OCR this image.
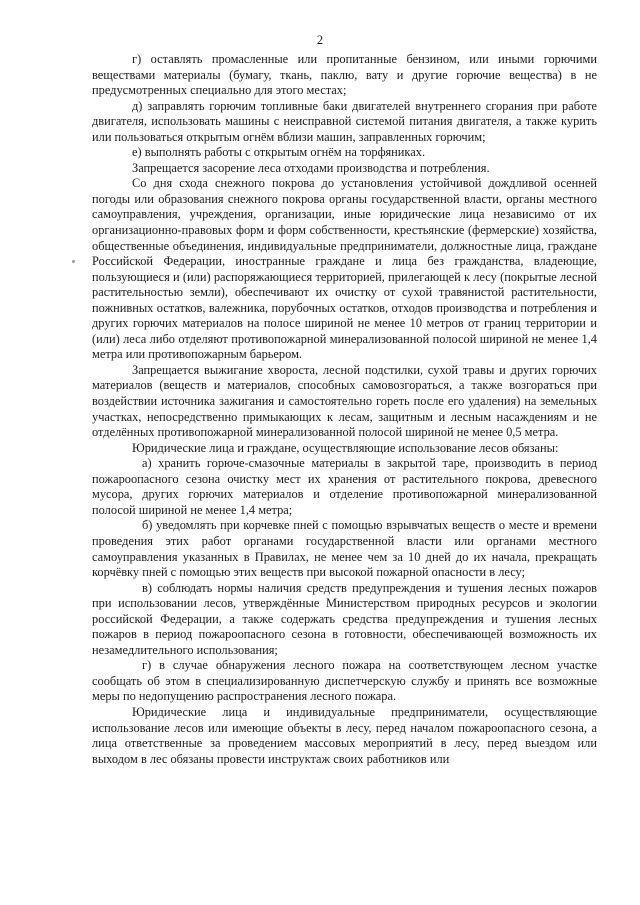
2

г) оставлять промасленные или пропитанные бензином, или иными горючими веществами материалы (бумагу, ткань, паклю, вату и другие горючие вещества) в не предусмотренных специально для этого местах;

д) заправлять горючим топливные баки двигателей внутреннего сгорания при работе двигателя, использовать машины с неисправной системой питания двигателя, а также курить или пользоваться открытым огнём вблизи машин, заправленных горючим;

е) выполнять работы с открытым огнём на торфяниках.

Запрещается засорение леса отходами производства и потребления.

Со дня схода снежного покрова до установления устойчивой дождливой осенней погоды или образования снежного покрова органы государственной власти, органы местного самоуправления, учреждения, организации, иные юридические лица независимо от их организационно-правовых форм и форм собственности, крестьянские (фермерские) хозяйства, общественные объединения, индивидуальные предприниматели, должностные лица, граждане Российской Федерации, иностранные граждане и лица без гражданства, владеющие, пользующиеся и (или) распоряжающиеся территорией, прилегающей к лесу (покрытые лесной растительностью земли), обеспечивают их очистку от сухой травянистой растительности, пожнивных остатков, валежника, порубочных остатков, отходов производства и потребления и других горючих материалов на полосе шириной не менее 10 метров от границ территории и (или) леса либо отделяют противопожарной минерализованной полосой шириной не менее 1,4 метра или противопожарным барьером.

Запрещается выжигание хвороста, лесной подстилки, сухой травы и других горючих материалов (веществ и материалов, способных самовозгораться, а также возгораться при воздействии источника зажигания и самостоятельно гореть после его удаления) на земельных участках, непосредственно примыкающих к лесам, защитным и лесным насаждениям и не отделённых противопожарной минерализованной полосой шириной не менее 0,5 метра.

Юридические лица и граждане, осуществляющие использование лесов обязаны:

а) хранить горюче-смазочные материалы в закрытой таре, производить в период пожароопасного сезона очистку мест их хранения от растительного покрова, древесного мусора, других горючих материалов и отделение противопожарной минерализованной полосой шириной не менее 1,4 метра;

б) уведомлять при корчевке пней с помощью взрывчатых веществ о месте и времени проведения этих работ органами государственной власти или органами местного самоуправления указанных в Правилах, не менее чем за 10 дней до их начала, прекращать корчёвку пней с помощью этих веществ при высокой пожарной опасности в лесу;

в) соблюдать нормы наличия средств предупреждения и тушения лесных пожаров при использовании лесов, утверждённые Министерством природных ресурсов и экологии российской Федерации, а также содержать средства предупреждения и тушения лесных пожаров в период пожароопасного сезона в готовности, обеспечивающей возможность их незамедлительного использования;

г) в случае обнаружения лесного пожара на соответствующем лесном участке сообщать об этом в специализированную диспетчерскую службу и принять все возможные меры по недопущению распространения лесного пожара.

Юридические лица и индивидуальные предприниматели, осуществляющие использование лесов или имеющие объекты в лесу, перед началом пожароопасного сезона, а лица ответственные за проведением массовых мероприятий в лесу, перед выездом или выходом в лес обязаны провести инструктаж своих работников или
